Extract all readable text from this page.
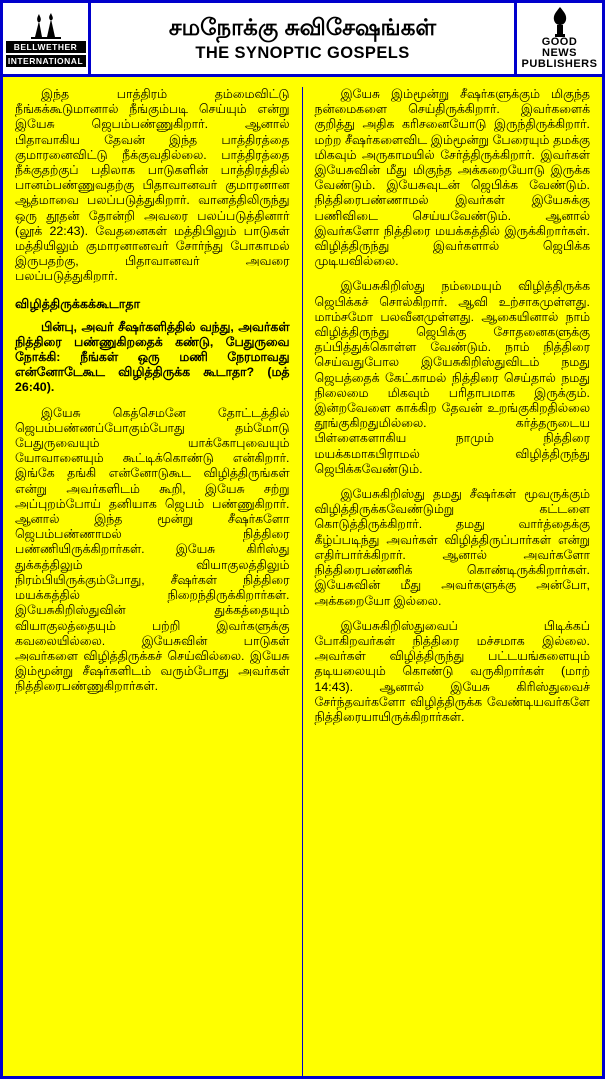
BELLWETHER
INTERNATIONAL
சமநோக்கு சுவிசேஷங்கள்
THE SYNOPTIC GOSPELS
GOOD
NEWS
PUBLISHERS

இந்த பாத்திரம் தம்மைவிட்டு நீங்கக்கூடுமானால் நீங்கும்படி செய்யும் என்று இயேசு ஜெபம்பண்ணுகிறார். ஆனால் பிதாவாகிய தேவன் இந்த பாத்திரத்தை குமாரனைவிட்டு நீக்குவதில்லை. பாத்திரத்தை நீக்குதற்குப் பதிலாக பாடுகளின் பாத்திரத்தில் பானம்பண்ணுவதற்கு பிதாவானவர் குமாரனான ஆத்மாவை பலப்படுத்துகிறார். வானத்திலிருந்து ஒரு தூதன் தோன்றி அவரை பலப்படுத்தினார் (லூக் 22:43). வேதனைகள் மத்திபிலும் பாடுகள் மத்தியிலும் குமாரனானவர் சோர்ந்து போகாமல் இருபதற்கு, பிதாவானவர் அவரை பலப்படுத்துகிறார்.

விழித்திருக்கக்கூடாதா

பின்பு, அவர் சீஷர்களித்தில் வந்து, அவர்கள் நித்திரை பண்ணுகிறதைக் கண்டு, பேதுருவை நோக்கி: நீங்கள் ஒரு மணி நேரமாவது என்னோடேகூட விழித்திருக்க கூடாதா? (மத் 26:40).

இயேசு கெத்செமனே தோட்டத்தில் ஜெபம்பண்ணப்போகும்போது தம்மோடு பேதுருவையும் யாக்கோபுவையும் யோவானையும் கூட்டிக்கொண்டு என்கிறார். இங்கே தங்கி என்னோடுகூட விழித்திருங்கள் என்று அவர்களிடம் கூறி, இயேசு சற்று அப்புறம்போய் தனியாக ஜெபம் பண்ணுகிறார். ஆனால் இந்த மூன்று சீஷர்களோ ஜெபம்பண்ணாமல் நித்திரை பண்ணியிருக்கிறார்கள். இயேசு கிரிஸ்து துக்கத்திலும் வியாகுலத்திலும் நிரம்பியிருக்கும்போது, சீஷர்கள் நித்திரை மயக்கத்தில் நிறைந்திருக்கிறார்கள். இயேசுகிறிஸ்துவின் துக்கத்தையும் வியாகுலத்தையும் பற்றி இவர்களுக்கு கவலையில்லை. இயேசுவின் பாடுகள் அவர்களை விழித்திருக்கச் செய்வில்லை. இயேசு இம்மூன்று சீஷர்களிடம் வரும்போது அவர்கள் நித்திரைபண்ணுகிறார்கள்.

இயேசு இம்மூன்று சீஷர்களுக்கும் மிகுந்த நன்மைகளை செய்திருக்கிறார். இவர்களைக் குறித்து அதிக கரிசனையோடு இருந்திருக்கிறார். மற்ற சீஷர்களைவிட இம்மூன்று பேரையும் தமக்கு மிகவும் அருகாமயில் சேர்த்திருக்கிறார். இவர்கள் இயேசுவின் மீது மிகுந்த அக்கறையோடு இருக்க வேண்டும். இயேசுவுடன் ஜெபிக்க வேண்டும். நித்திரைபண்ணாமல் இவர்கள் இயேசுக்கு பணிவிடை செய்யவேண்டும். ஆனால் இவர்களோ நித்திரை மயக்கத்தில் இருக்கிறார்கள். விழித்திருந்து இவர்களால் ஜெபிக்க முடியவில்லை.

இயேசுகிறிஸ்து நம்மையும் விழித்திருக்க ஜெபிக்கச் சொல்கிறார். ஆவி உற்சாகமுள்ளது. மாம்சமோ பலவீனமுள்ளது. ஆகையினால் நாம் விழித்திருந்து ஜெபிக்கு சோதனைகளுக்கு தப்பித்துக்கொள்ள வேண்டும். நாம் நித்திரை செய்வதுபோல இயேசுகிறிஸ்துவிடம் நமது ஜெபத்தைக் கேட்காமல் நித்திரை செய்தால் நமது நிலைமை மிகவும் பரிதாபமாக இருக்கும். இன்றவேளை காக்கிற தேவன் உறங்குகிறதில்லை தூங்குகிறதுமில்லை. கர்த்தருடைய பிள்ளைகளாகிய நாமும் நித்திரை மயக்கமாகபிராமல் விழித்திருந்து ஜெபிக்கவேண்டும்.

இயேசுகிறிஸ்து தமது சீஷர்கள் மூவருக்கும் விழித்திருக்கவேண்டும்று கட்டளை கொடுத்திருக்கிறார். தமது வார்த்தைக்கு கீழ்ப்படிந்து அவர்கள் விழித்திருப்பார்கள் என்று எதிர்பார்க்கிறார். ஆனால் அவர்களோ நித்திரைபண்ணிக் கொண்டிருக்கிறார்கள். இயேசுவின் மீது அவர்களுக்கு அன்போ, அக்கறையோ இல்லை.

இயேசுகிறிஸ்துவைப் பிடிக்கப் போகிறவர்கள் நித்திரை மச்சமாக இல்லை. அவர்கள் விழித்திருந்து பட்டயங்களையும் தடியலையும் கொண்டு வருகிறார்கள் (மாற் 14:43). ஆனால் இயேசு கிரிஸ்துவைச் சேர்ந்தவர்களோ விழித்திருக்க வேண்டியவர்களே நித்திரையாயிருக்கிறார்கள்.
